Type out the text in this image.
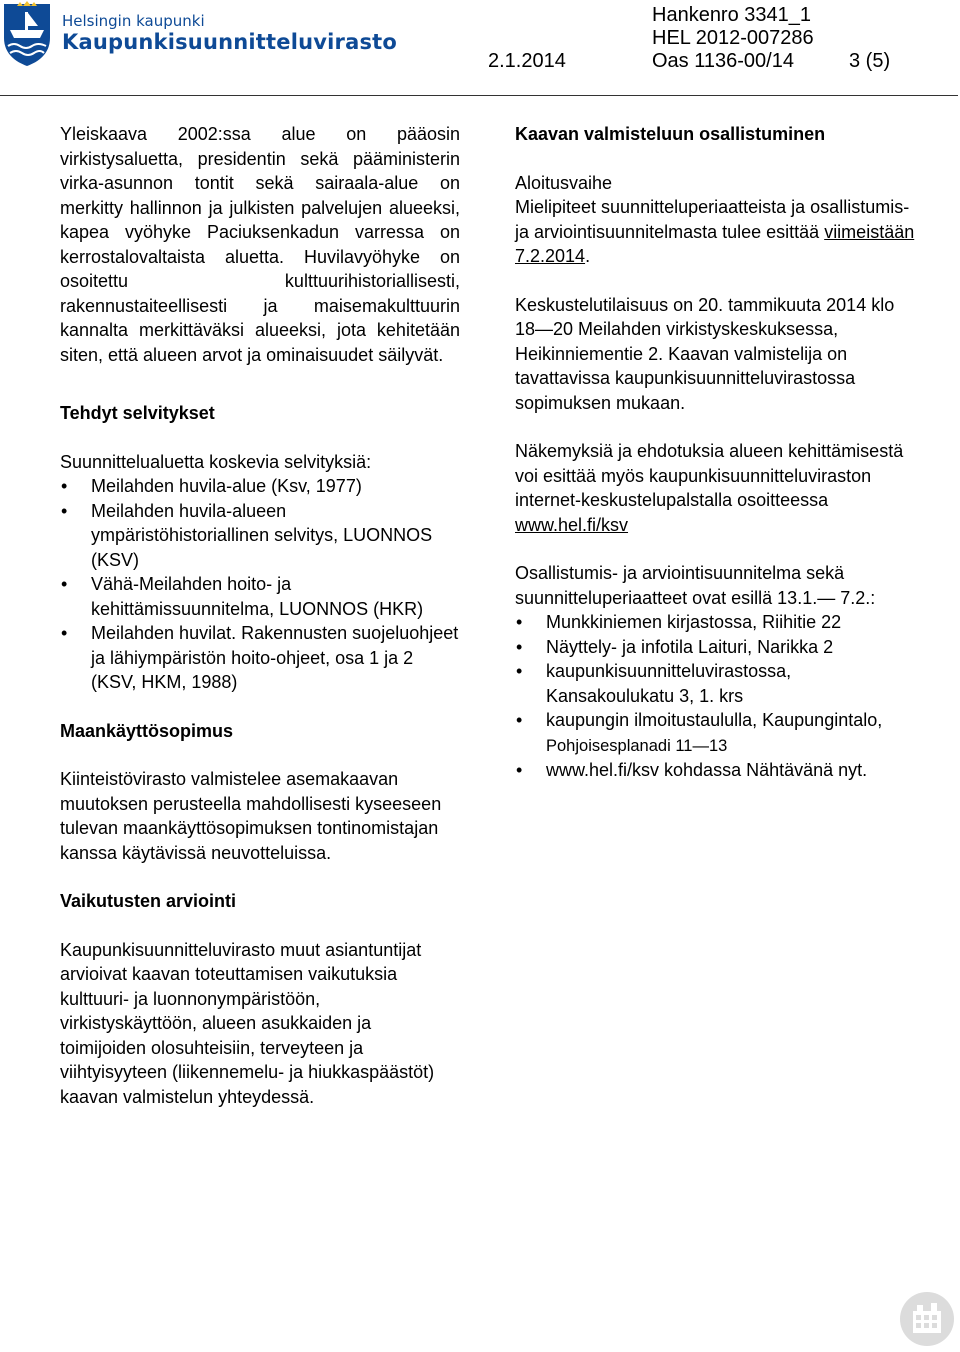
Helsingin kaupunki
Kaupunkisuunnitteluvirasto
Hankenro 3341_1
HEL 2012-007286
2.1.2014	Oas 1136-00/14	3 (5)

Yleiskaava 2002:ssa alue on pääosin virkistysaluetta, presidentin sekä pääministerin virka-asunnon tontit sekä sairaala-alue on merkitty hallinnon ja julkisten palvelujen alueeksi, kapea vyöhyke Paciuksenkadun varressa on kerrostalovaltaista aluetta. Huvilavyöhyke on osoitettu kulttuurihistoriallisesti, rakennustaiteellisesti ja maisemakulttuurin kannalta merkittäväksi alueeksi, jota kehitetään siten, että alueen arvot ja ominaisuudet säilyvät.

Tehdyt selvitykset

Suunnittelualuetta koskevia selvityksiä:

• Meilahden huvila-alue (Ksv, 1977)
• Meilahden huvila-alueen ympäristöhistoriallinen selvitys, LUONNOS (KSV)
• Vähä-Meilahden hoito- ja kehittämissuunnitelma, LUONNOS (HKR)
• Meilahden huvilat. Rakennusten suojeluohjeet ja lähiympäristön hoito-ohjeet, osa 1 ja 2 (KSV, HKM, 1988)

Maankäyttösopimus

Kiinteistövirasto valmistelee asemakaavan muutoksen perusteella mahdollisesti kyseeseen tulevan maankäyttösopimuksen tontinomistajan kanssa käytävissä neuvotteluissa.

Vaikutusten arviointi

Kaupunkisuunnitteluvirasto muut asiantuntijat arvioivat kaavan toteuttamisen vaikutuksia kulttuuri- ja luonnonympäristöön, virkistyskäyttöön, alueen asukkaiden ja toimijoiden olosuhteisiin, terveyteen ja viihtyisyyteen (liikennemelu- ja hiukkaspäästöt) kaavan valmistelun yhteydessä.

Kaavan valmisteluun osallistuminen

Aloitusvaihe

Mielipiteet suunnitteluperiaatteista ja osallistumis- ja arviointisuunnitelmasta tulee esittää viimeistään 7.2.2014.

Keskustelutilaisuus on 20. tammikuuta 2014 klo 18—20 Meilahden virkistyskeskuksessa, Heikinniementie 2. Kaavan valmistelija on tavattavissa kaupunkisuunnitteluvirastossa sopimuksen mukaan.

Näkemyksiä ja ehdotuksia alueen kehittämisestä voi esittää myös kaupunkisuunnitteluviraston internet-keskustelupalstalla osoitteessa www.hel.fi/ksv

Osallistumis- ja arviointisuunnitelma sekä suunnitteluperiaatteet ovat esillä 13.1.— 7.2.:

• Munkkiniemen kirjastossa, Riihitie 22
• Näyttely- ja infotila Laituri, Narikka 2
• kaupunkisuunnitteluvirastossa, Kansakoulukatu 3, 1. krs
• kaupungin ilmoitustaululla, Kaupungintalo, Pohjoisesplanadi 11—13
• www.hel.fi/ksv kohdassa Nähtävänä nyt.
